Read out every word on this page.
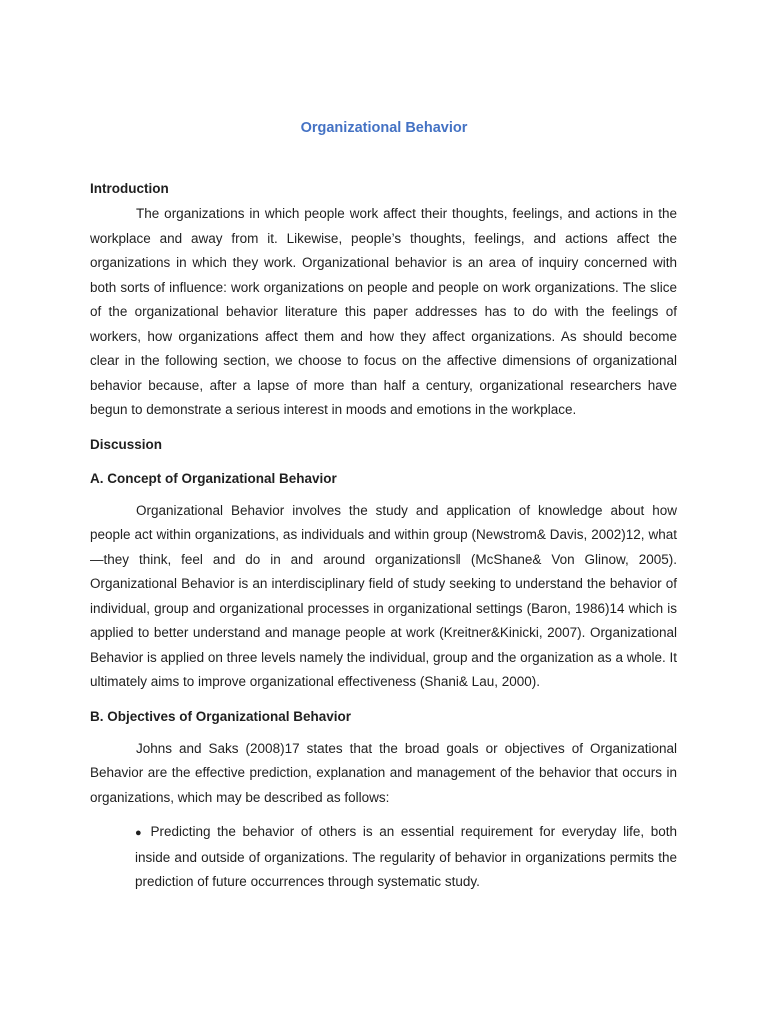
Organizational Behavior
Introduction

The organizations in which people work affect their thoughts, feelings, and actions in the workplace and away from it. Likewise, people’s thoughts, feelings, and actions affect the organizations in which they work. Organizational behavior is an area of inquiry concerned with both sorts of influence: work organizations on people and people on work organizations. The slice of the organizational behavior literature this paper addresses has to do with the feelings of workers, how organizations affect them and how they affect organizations. As should become clear in the following section, we choose to focus on the affective dimensions of organizational behavior because, after a lapse of more than half a century, organizational researchers have begun to demonstrate a serious interest in moods and emotions in the workplace.

Discussion
A. Concept of Organizational Behavior

Organizational Behavior involves the study and application of knowledge about how people act within organizations, as individuals and within group (Newstrom& Davis, 2002)12, what ―they think, feel and do in and around organizations‖ (McShane& Von Glinow, 2005). Organizational Behavior is an interdisciplinary field of study seeking to understand the behavior of individual, group and organizational processes in organizational settings (Baron, 1986)14 which is applied to better understand and manage people at work (Kreitner&Kinicki, 2007). Organizational Behavior is applied on three levels namely the individual, group and the organization as a whole. It ultimately aims to improve organizational effectiveness (Shani& Lau, 2000).

B. Objectives of Organizational Behavior

Johns and Saks (2008)17 states that the broad goals or objectives of Organizational Behavior are the effective prediction, explanation and management of the behavior that occurs in organizations, which may be described as follows:

● Predicting the behavior of others is an essential requirement for everyday life, both inside and outside of organizations. The regularity of behavior in organizations permits the prediction of future occurrences through systematic study.
